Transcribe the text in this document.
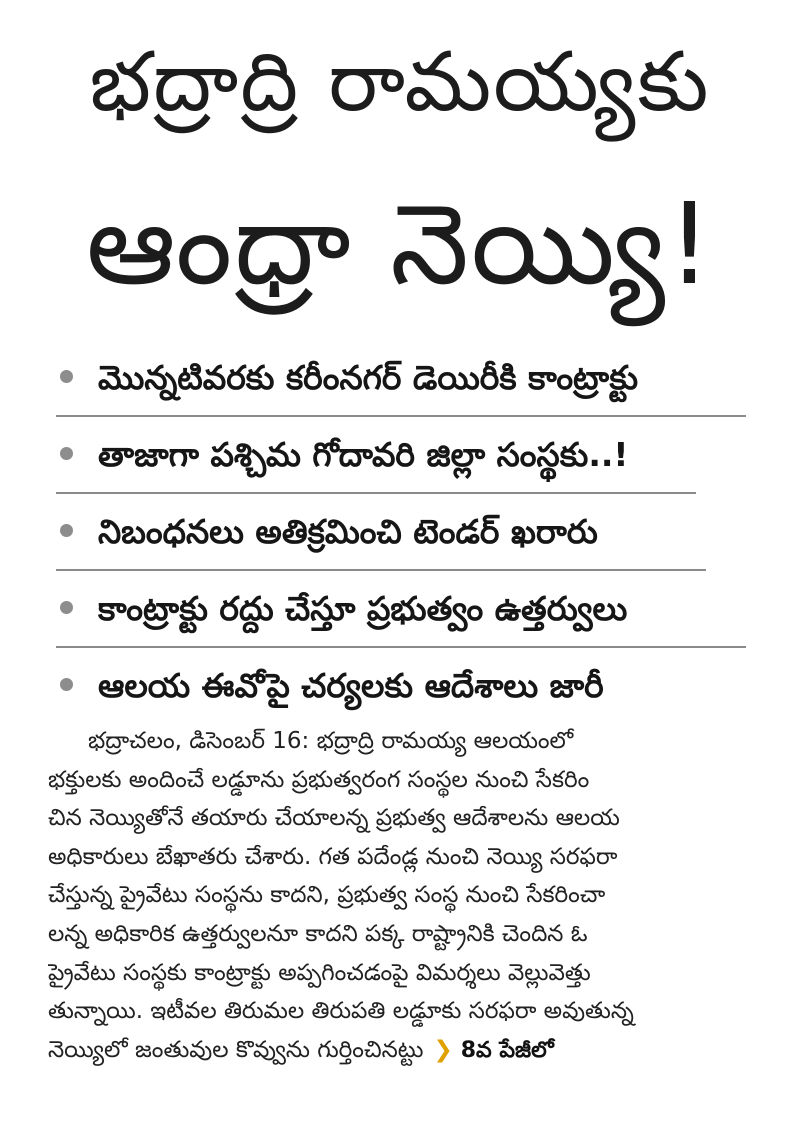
భద్రాద్రి రామయ్యకు
ఆంధ్రా నెయ్యి!
మొన్నటివరకు కరీంనగర్ డెయిరీకి కాంట్రాక్టు
తాజాగా పశ్చిమ గోదావరి జిల్లా సంస్థకు..!
నిబంధనలు అతిక్రమించి టెండర్ ఖరారు
కాంట్రాక్టు రద్దు చేస్తూ ప్రభుత్వం ఉత్తర్వులు
ఆలయ ఈవోపై చర్యలకు ఆదేశాలు జారీ
భద్రాచలం, డిసెంబర్ 16: భద్రాద్రి రామయ్య ఆలయంలో
భక్తులకు అందించే లడ్డూను ప్రభుత్వరంగ సంస్థల నుంచి సేకరిం
చిన నెయ్యితోనే తయారు చేయాలన్న ప్రభుత్వ ఆదేశాలను ఆలయ
అధికారులు బేఖాతరు చేశారు. గత పదేండ్ల నుంచి నెయ్యి సరఫరా
చేస్తున్న ప్రైవేటు సంస్థను కాదని, ప్రభుత్వ సంస్థ నుంచి సేకరించా
లన్న అధికారిక ఉత్తర్వులనూ కాదని పక్క రాష్ట్రానికి చెందిన ఓ
ప్రైవేటు సంస్థకు కాంట్రాక్టు అప్పగించడంపై విమర్శలు వెల్లువెత్తు
తున్నాయి. ఇటీవల తిరుమల తిరుపతి లడ్డూకు సరఫరా అవుతున్న
నెయ్యిలో జంతువుల కొవ్వును గుర్తించినట్టు ❯ 8వ పేజీలో
